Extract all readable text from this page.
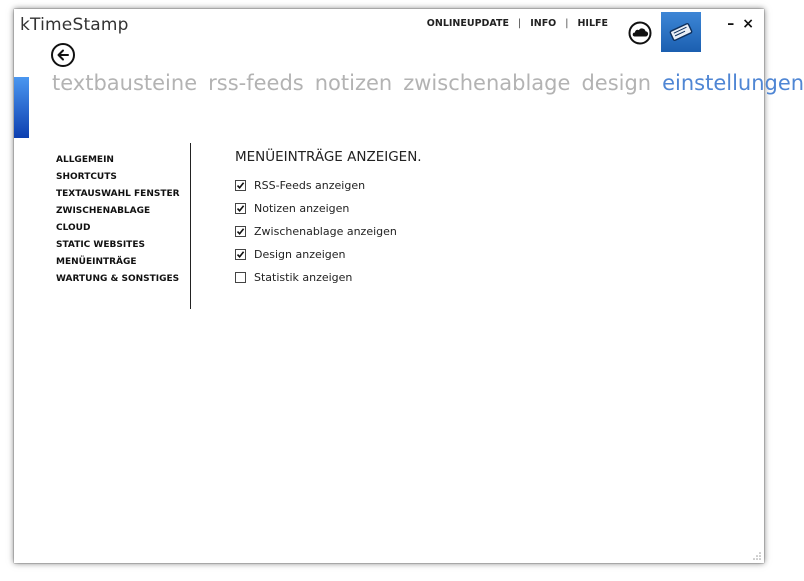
kTimeStamp	ONLINEUPDATE | INFO | HILFE	– ×
textbausteine rss-feeds notizen zwischenablage design einstellungen
ALLGEMEIN
SHORTCUTS
TEXTAUSWAHL FENSTER
ZWISCHENABLAGE
CLOUD
STATIC WEBSITES
MENÜEINTRÄGE
WARTUNG & SONSTIGES
MENÜEINTRÄGE ANZEIGEN.
RSS-Feeds anzeigen
Notizen anzeigen
Zwischenablage anzeigen
Design anzeigen
Statistik anzeigen
